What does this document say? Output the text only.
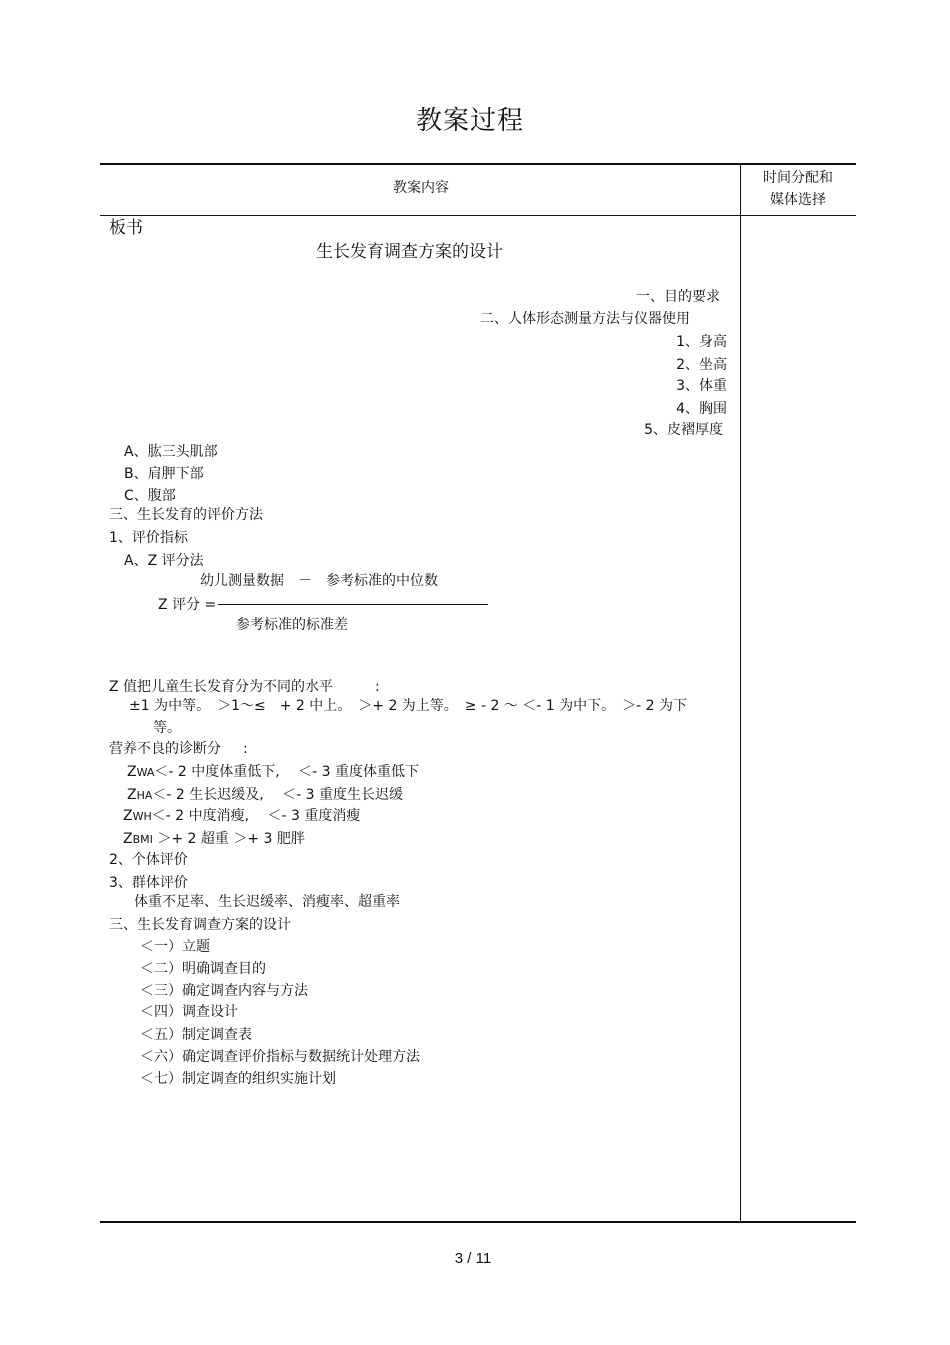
教案过程
教案内容
时间分配和
媒体选择
板书
生长发育调查方案的设计
一、目的要求
二、人体形态测量方法与仪器使用
1、身高
2、坐高
3、体重
4、胸围
5、皮褶厚度
A、肱三头肌部
B、肩胛下部
C、腹部
三、生长发育的评价方法
1、评价指标
A、Z 评分法
幼儿测量数据　－　参考标准的中位数
Z 评分 =
参考标准的标准差
Z 值把儿童生长发育分为不同的水平	:
±1 为中等。　＞1～≤　+ 2 中上。　＞+ 2 为上等。　≥ - 2 ～ ＜- 1 为中下。　＞- 2 为下
等。
营养不良的诊断分 :
ZWA＜- 2 中度体重低下,　 ＜- 3 重度体重低下
ZHA＜- 2 生长迟缓及,　 ＜- 3 重度生长迟缓
ZWH＜- 2 中度消瘦,　 ＜- 3 重度消瘦
ZBMI ＞+ 2 超重 ＞+ 3 肥胖
2、个体评价
3、群体评价
体重不足率、生长迟缓率、消瘦率、超重率
三、生长发育调查方案的设计
＜一）立题
＜二）明确调查目的
＜三）确定调查内容与方法
＜四）调查设计
＜五）制定调查表
＜六）确定调查评价指标与数据统计处理方法
＜七）制定调查的组织实施计划
3 / 11
